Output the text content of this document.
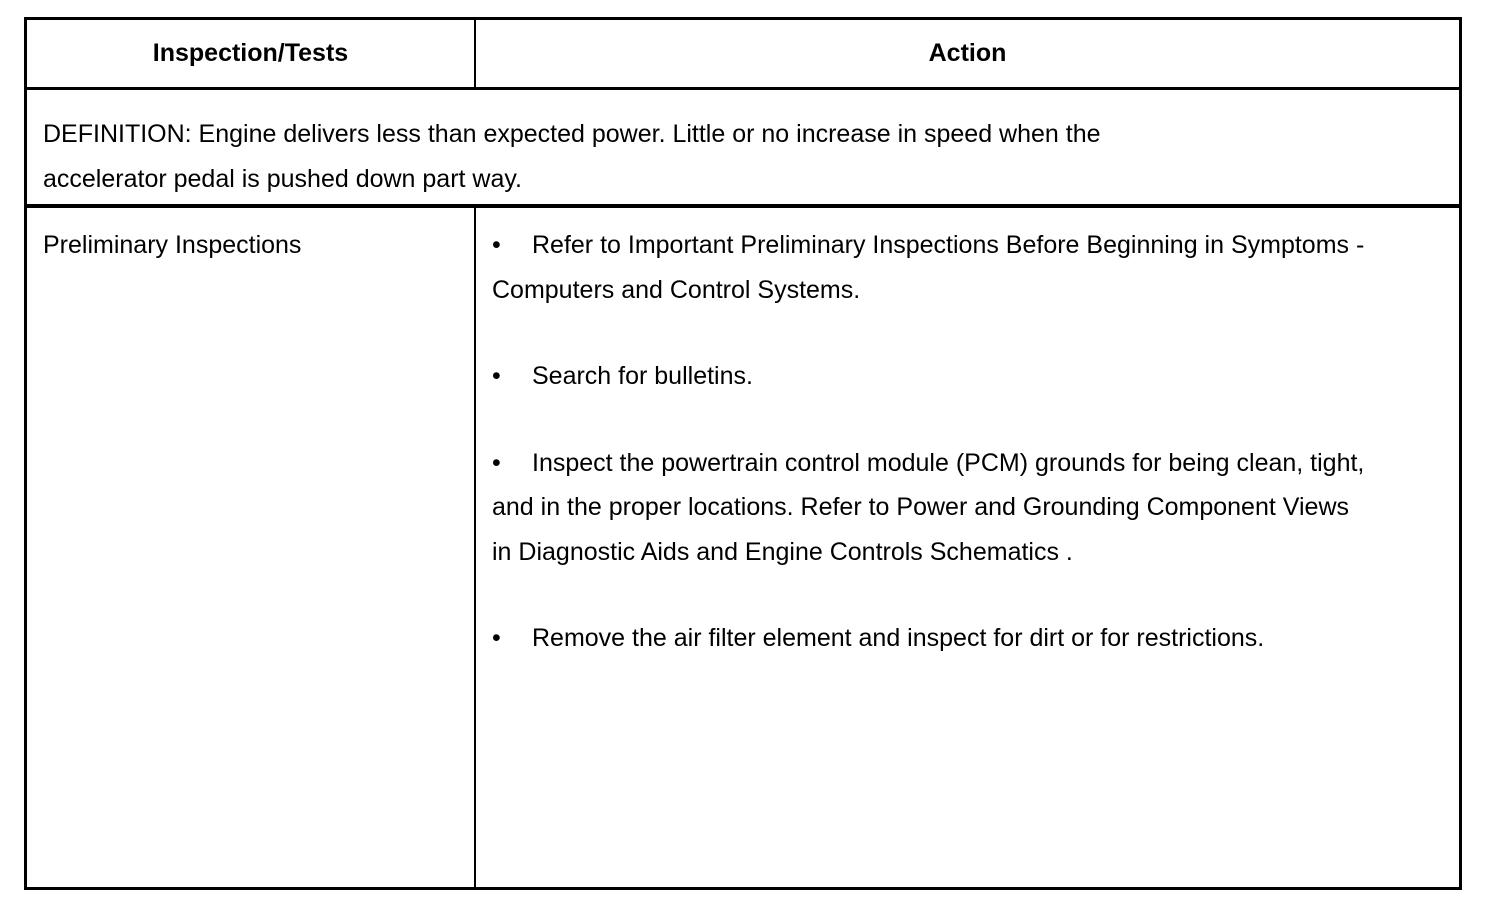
Inspection/Tests	Action

DEFINITION: Engine delivers less than expected power. Little or no increase in speed when the accelerator pedal is pushed down part way.

Preliminary Inspections	• Refer to Important Preliminary Inspections Before Beginning in Symptoms - Computers and Control Systems.

• Search for bulletins.

• Inspect the powertrain control module (PCM) grounds for being clean, tight, and in the proper locations. Refer to Power and Grounding Component Views in Diagnostic Aids and Engine Controls Schematics .

• Remove the air filter element and inspect for dirt or for restrictions.
